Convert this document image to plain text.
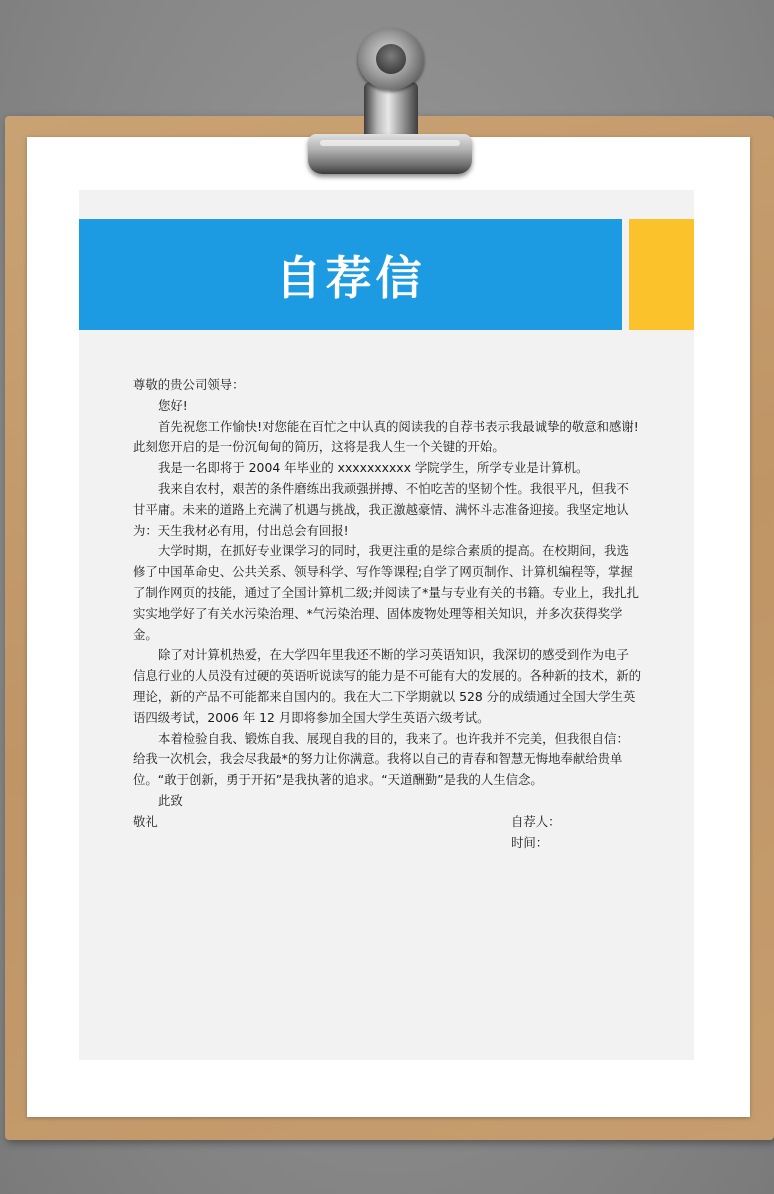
自荐信

尊敬的贵公司领导：

您好!

首先祝您工作愉快!对您能在百忙之中认真的阅读我的自荐书表示我最诚挚的敬意和感谢!此刻您开启的是一份沉甸甸的简历，这将是我人生一个关键的开始。

我是一名即将于 2004 年毕业的 xxxxxxxxxx 学院学生，所学专业是计算机。

我来自农村，艰苦的条件磨练出我顽强拼搏、不怕吃苦的坚韧个性。我很平凡，但我不甘平庸。未来的道路上充满了机遇与挑战，我正激越豪情、满怀斗志准备迎接。我坚定地认为：天生我材必有用，付出总会有回报!

大学时期，在抓好专业课学习的同时，我更注重的是综合素质的提高。在校期间，我选修了中国革命史、公共关系、领导科学、写作等课程;自学了网页制作、计算机编程等，掌握了制作网页的技能，通过了全国计算机二级;并阅读了*量与专业有关的书籍。专业上，我扎扎实实地学好了有关水污染治理、*气污染治理、固体废物处理等相关知识，并多次获得奖学金。

除了对计算机热爱，在大学四年里我还不断的学习英语知识，我深切的感受到作为电子信息行业的人员没有过硬的英语听说读写的能力是不可能有大的发展的。各种新的技术，新的理论，新的产品不可能都来自国内的。我在大二下学期就以 528 分的成绩通过全国大学生英语四级考试，2006 年 12 月即将参加全国大学生英语六级考试。

本着检验自我、锻炼自我、展现自我的目的，我来了。也许我并不完美，但我很自信：给我一次机会，我会尽我最*的努力让你满意。我将以自己的青春和智慧无悔地奉献给贵单位。“敢于创新，勇于开拓”是我执著的追求。“天道酬勤”是我的人生信念。

此致

敬礼	自荐人：

时间：
